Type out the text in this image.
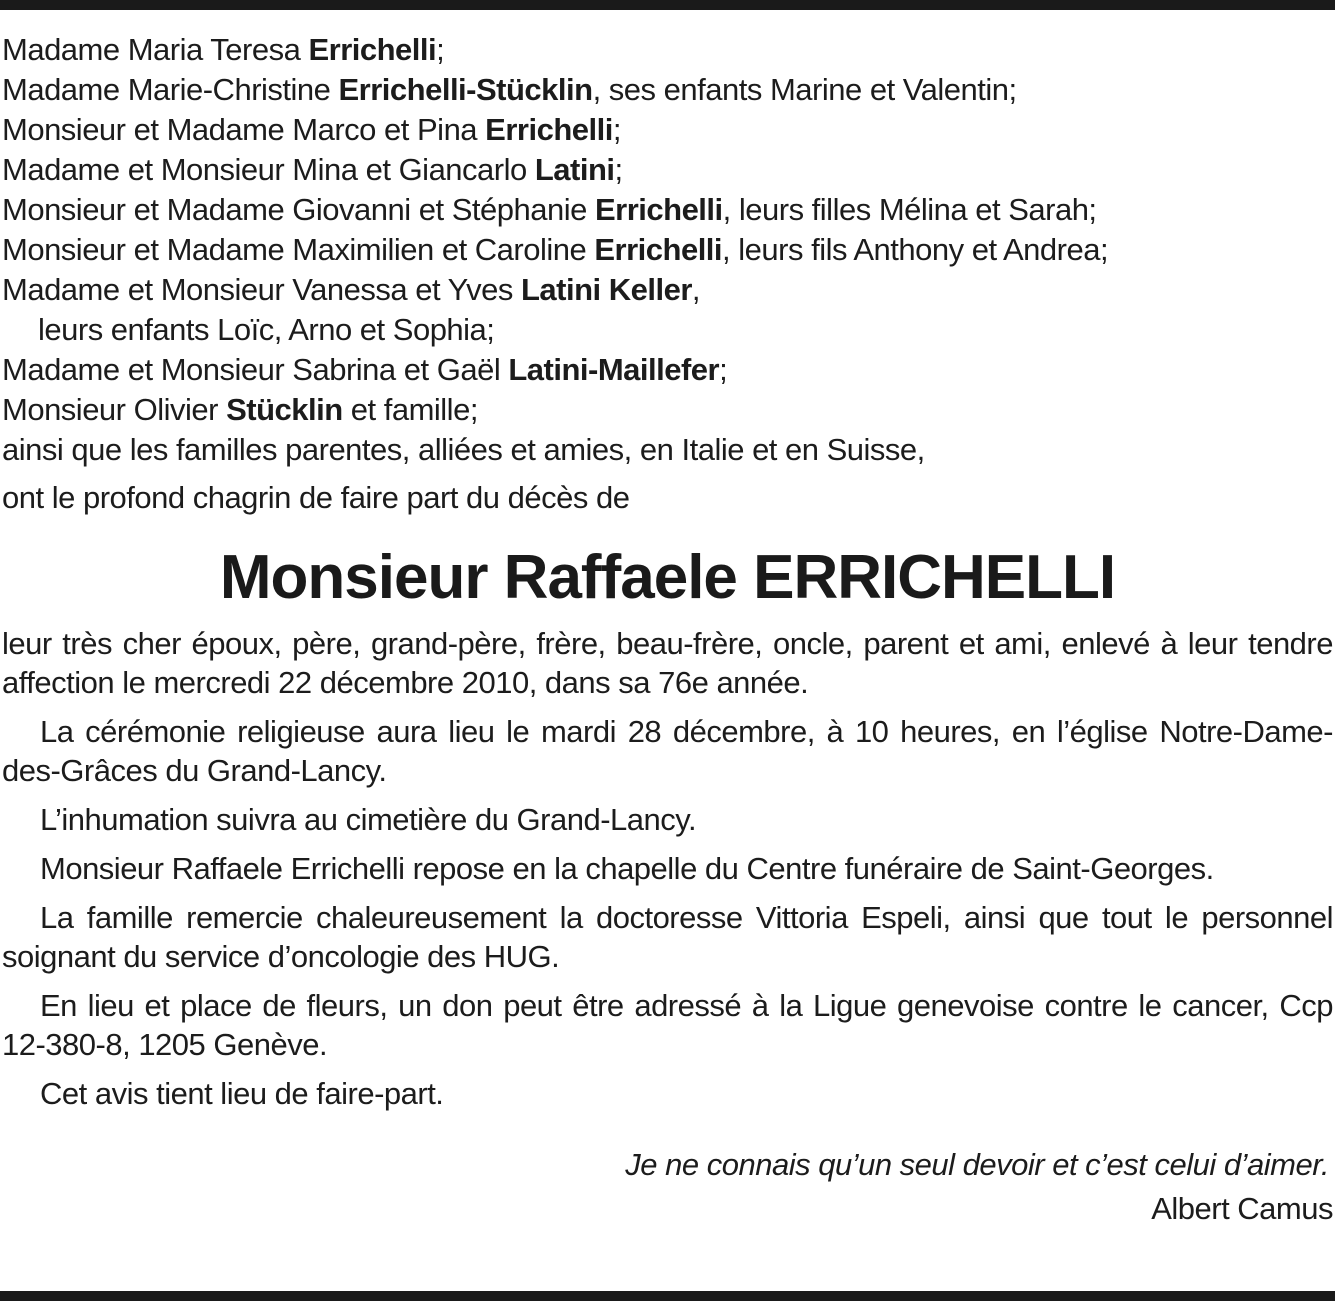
Madame Maria Teresa Errichelli;
Madame Marie-Christine Errichelli-Stücklin, ses enfants Marine et Valentin;
Monsieur et Madame Marco et Pina Errichelli;
Madame et Monsieur Mina et Giancarlo Latini;
Monsieur et Madame Giovanni et Stéphanie Errichelli, leurs filles Mélina et Sarah;
Monsieur et Madame Maximilien et Caroline Errichelli, leurs fils Anthony et Andrea;
Madame et Monsieur Vanessa et Yves Latini Keller,
leurs enfants Loïc, Arno et Sophia;
Madame et Monsieur Sabrina et Gaël Latini-Maillefer;
Monsieur Olivier Stücklin et famille;
ainsi que les familles parentes, alliées et amies, en Italie et en Suisse,
ont le profond chagrin de faire part du décès de
Monsieur Raffaele ERRICHELLI

leur très cher époux, père, grand-père, frère, beau-frère, oncle, parent et ami, enlevé à leur tendre affection le mercredi 22 décembre 2010, dans sa 76e année.

La cérémonie religieuse aura lieu le mardi 28 décembre, à 10 heures, en l’église Notre-Dame-des-Grâces du Grand-Lancy.

L’inhumation suivra au cimetière du Grand-Lancy.

Monsieur Raffaele Errichelli repose en la chapelle du Centre funéraire de Saint-Georges.

La famille remercie chaleureusement la doctoresse Vittoria Espeli, ainsi que tout le personnel soignant du service d’oncologie des HUG.

En lieu et place de fleurs, un don peut être adressé à la Ligue genevoise contre le cancer, Ccp 12-380-8, 1205 Genève.

Cet avis tient lieu de faire-part.

Je ne connais qu’un seul devoir et c’est celui d’aimer.
Albert Camus
